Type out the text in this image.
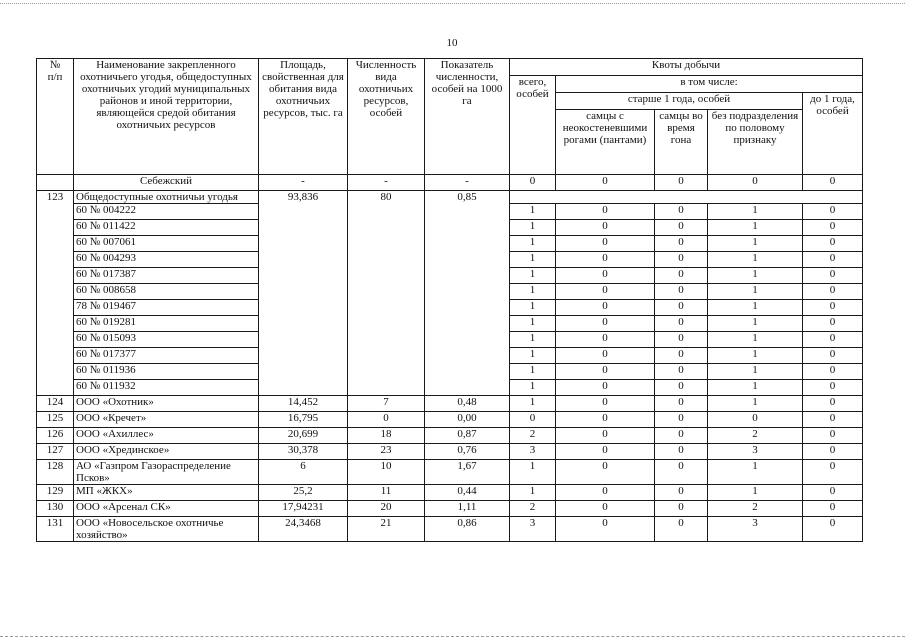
10
№
п/п	Наименование закрепленного охотничьего угодья, общедоступных охотничьих угодий муниципальных районов и иной территории, являющейся средой обитания охотничьих ресурсов	Площадь, свойственная для обитания вида охотничьих ресурсов, тыс. га	Численность вида охотничьих ресурсов, особей	Показатель численности, особей на 1000 га	Квоты добычи				
					всего, особей	в том числе:			
						старше 1 года, особей			до 1 года, особей
						самцы с неокостеневшими рогами (пантами)	самцы во время гона	без подразделения по половому признаку	
	Себежский	-	-	-	0	0	0	0	0
123	Общедоступные охотничьи угодья	93,836	80	0,85					
	60 № 004222				1	0	0	1	0
	60 № 011422				1	0	0	1	0
	60 № 007061				1	0	0	1	0
	60 № 004293				1	0	0	1	0
	60 № 017387				1	0	0	1	0
	60 № 008658				1	0	0	1	0
	78 № 019467				1	0	0	1	0
	60 № 019281				1	0	0	1	0
	60 № 015093				1	0	0	1	0
	60 № 017377				1	0	0	1	0
	60 № 011936				1	0	0	1	0
	60 № 011932				1	0	0	1	0
124	ООО «Охотник»	14,452	7	0,48	1	0	0	1	0
125	ООО «Кречет»	16,795	0	0,00	0	0	0	0	0
126	ООО «Ахиллес»	20,699	18	0,87	2	0	0	2	0
127	ООО «Хрединское»	30,378	23	0,76	3	0	0	3	0
128	АО «Газпром Газораспределение Псков»	6	10	1,67	1	0	0	1	0
129	МП «ЖКХ»	25,2	11	0,44	1	0	0	1	0
130	ООО «Арсенал СК»	17,94231	20	1,11	2	0	0	2	0
131	ООО «Новосельское охотничье хозяйство»	24,3468	21	0,86	3	0	0	3	0
